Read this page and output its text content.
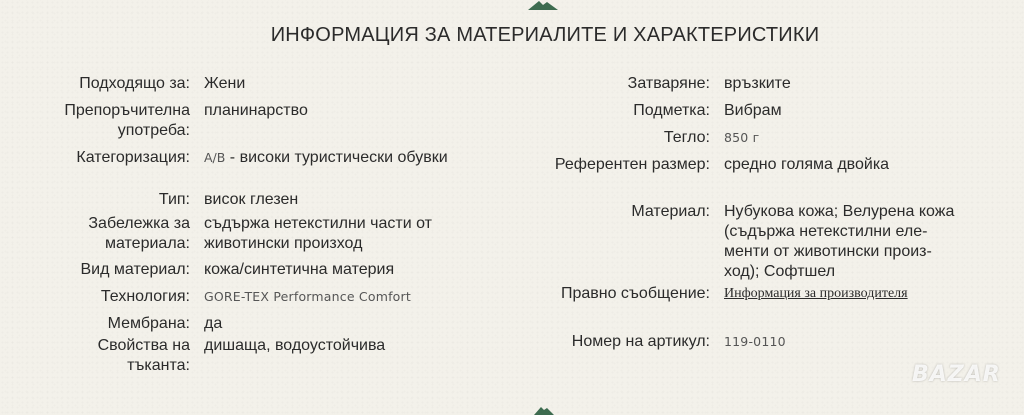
ИНФОРМАЦИЯ ЗА МАТЕРИАЛИТЕ И ХАРАКТЕРИСТИКИ
Подходящо за: Жени
Препоръчителна употреба:
планинарство
Категоризация: A/B - високи туристически обувки
Тип: висок глезен
Забележка за материала:
съдържа нетекстилни части от животински произход
Вид материал: кожа/синтетична материя
Технология: GORE-TEX Performance Comfort
Мембрана: да
Свойства на тъканта:
дишаща, водоустойчива
Затваряне: връзките
Подметка: Вибрам
Тегло: 850 г
Референтен размер: средно голяма двойка
Материал: Нубукова кожа; Велурена кожа (съдържа нетекстилни еле- менти от животински произ- ход); Софтшел
Правно съобщение: Информация за производителя
Номер на артикул: 119-0110
BAZAR
